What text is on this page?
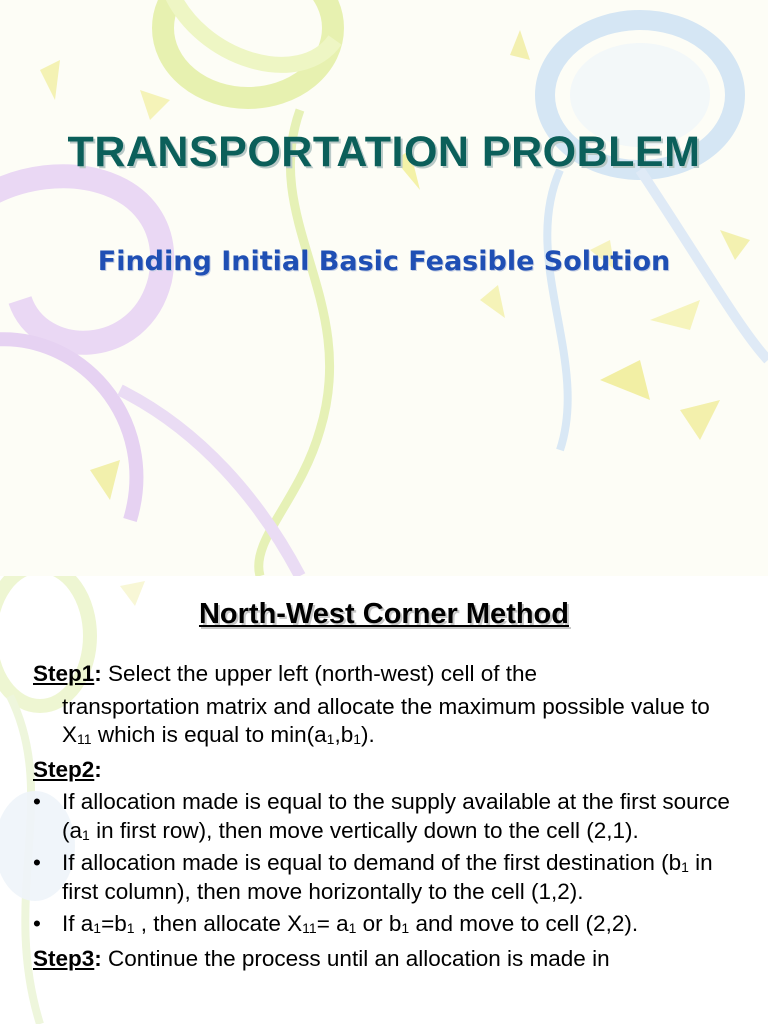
TRANSPORTATION PROBLEM
Finding Initial Basic Feasible Solution
North-West Corner Method
Step1: Select the upper left (north-west) cell of the
transportation matrix and allocate the maximum possible value to $X_{11}$ which is equal to $\min(a_1,b_1)$.
Step2:
• If allocation made is equal to the supply available at the first source ($a_1$ in first row), then move vertically down to the cell (2,1).
• If allocation made is equal to demand of the first destination ($b_1$ in first column), then move horizontally to the cell (1,2).
• If $a_1=b_1$ , then allocate $X_{11}= a_1$ or $b_1$ and move to cell (2,2).
Step3: Continue the process until an allocation is made in
